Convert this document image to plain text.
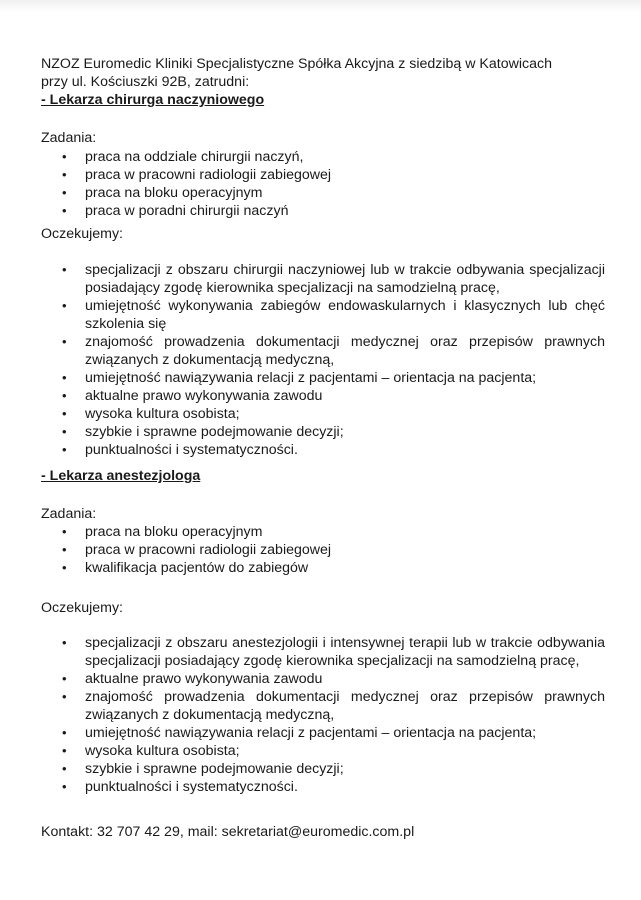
NZOZ Euromedic Kliniki Specjalistyczne Spółka Akcyjna z siedzibą w Katowicach
przy ul. Kościuszki 92B, zatrudni:
- Lekarza chirurga naczyniowego
Zadania:
• praca na oddziale chirurgii naczyń,
• praca w pracowni radiologii zabiegowej
• praca na bloku operacyjnym
• praca w poradni chirurgii naczyń
Oczekujemy:
• specjalizacji z obszaru chirurgii naczyniowej lub w trakcie odbywania specjalizacji posiadający zgodę kierownika specjalizacji na samodzielną pracę,
• umiejętność wykonywania zabiegów endowaskularnych i klasycznych lub chęć szkolenia się
• znajomość prowadzenia dokumentacji medycznej oraz przepisów prawnych związanych z dokumentacją medyczną,
• umiejętność nawiązywania relacji z pacjentami – orientacja na pacjenta;
• aktualne prawo wykonywania zawodu
• wysoka kultura osobista;
• szybkie i sprawne podejmowanie decyzji;
• punktualności i systematyczności.
- Lekarza anestezjologa
Zadania:
• praca na bloku operacyjnym
• praca w pracowni radiologii zabiegowej
• kwalifikacja pacjentów do zabiegów
Oczekujemy:
• specjalizacji z obszaru anestezjologii i intensywnej terapii lub w trakcie odbywania specjalizacji posiadający zgodę kierownika specjalizacji na samodzielną pracę,
• aktualne prawo wykonywania zawodu
• znajomość prowadzenia dokumentacji medycznej oraz przepisów prawnych związanych z dokumentacją medyczną,
• umiejętność nawiązywania relacji z pacjentami – orientacja na pacjenta;
• wysoka kultura osobista;
• szybkie i sprawne podejmowanie decyzji;
• punktualności i systematyczności.
Kontakt: 32 707 42 29, mail: sekretariat@euromedic.com.pl
